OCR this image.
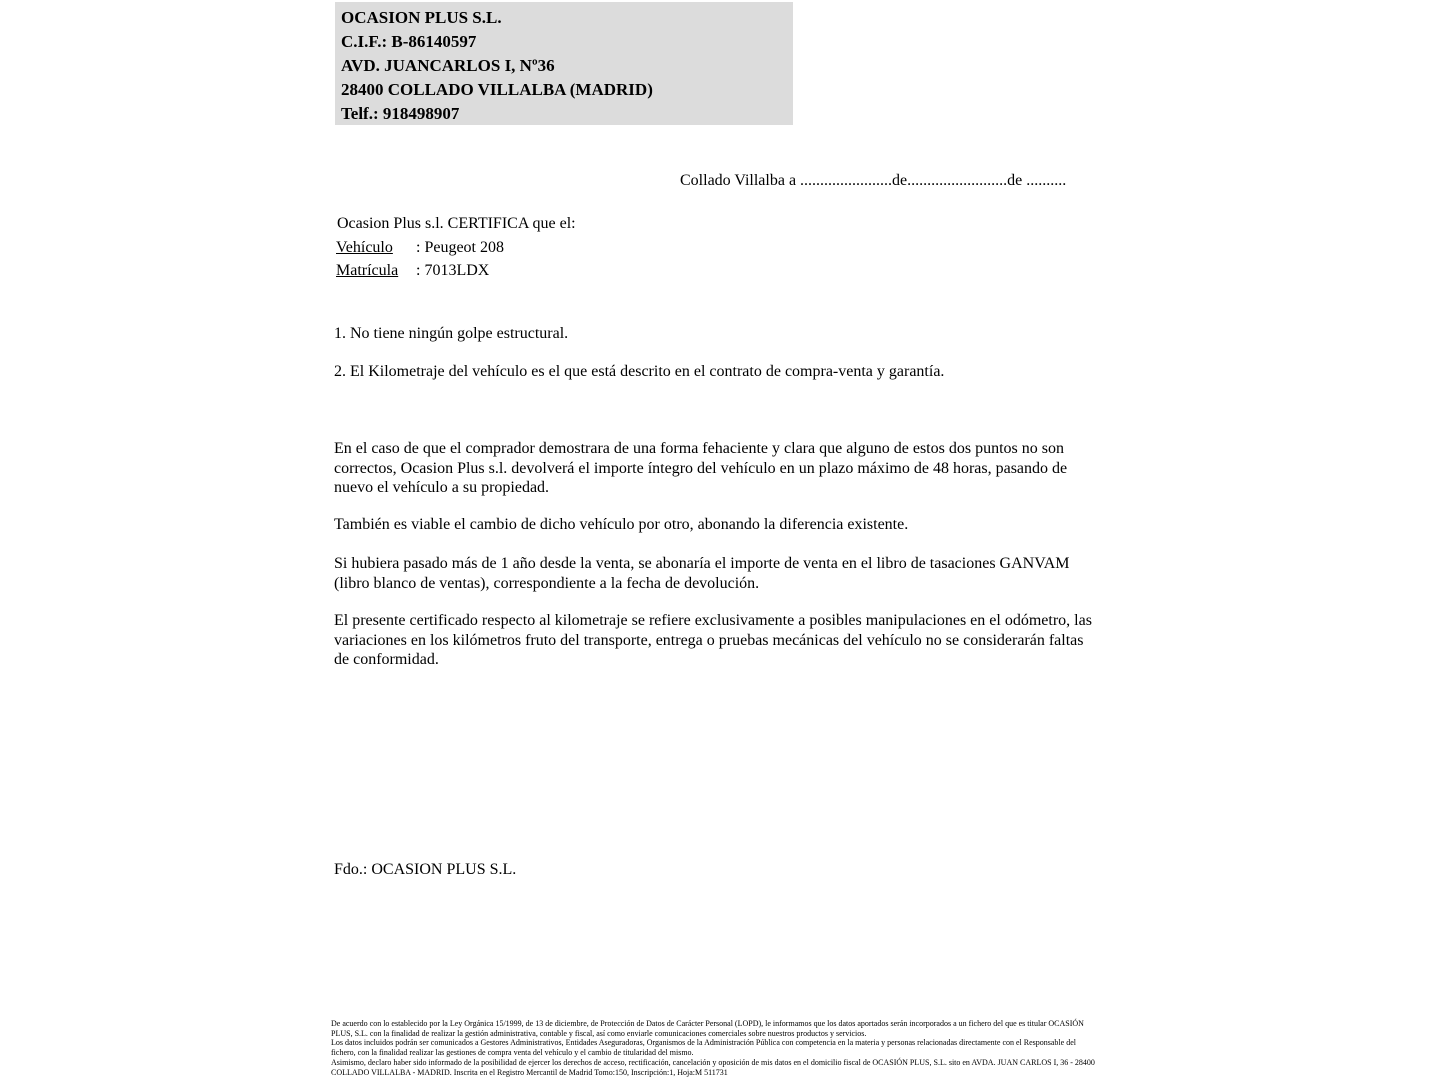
OCASION PLUS S.L.
C.I.F.: B-86140597
AVD. JUANCARLOS I, Nº36
28400 COLLADO VILLALBA (MADRID)
Telf.: 918498907
Collado Villalba a .......................de.........................de ..........
Ocasion Plus s.l. CERTIFICA que el:
Vehículo : Peugeot 208
Matrícula : 7013LDX
1. No tiene ningún golpe estructural.
2. El Kilometraje del vehículo es el que está descrito en el contrato de compra-venta y garantía.
En el caso de que el comprador demostrara de una forma fehaciente y clara que alguno de estos dos puntos no son correctos, Ocasion Plus s.l. devolverá el importe íntegro del vehículo en un plazo máximo de 48 horas, pasando de nuevo el vehículo a su propiedad.
También es viable el cambio de dicho vehículo por otro, abonando la diferencia existente.
Si hubiera pasado más de 1 año desde la venta, se abonaría el importe de venta en el libro de tasaciones GANVAM (libro blanco de ventas), correspondiente a la fecha de devolución.
El presente certificado respecto al kilometraje se refiere exclusivamente a posibles manipulaciones en el odómetro, las variaciones en los kilómetros fruto del transporte, entrega o pruebas mecánicas del vehículo no se considerarán faltas de conformidad.
Fdo.: OCASION PLUS S.L.

De acuerdo con lo establecido por la Ley Orgánica 15/1999, de 13 de diciembre, de Protección de Datos de Carácter Personal (LOPD), le informamos que los datos aportados serán incorporados a un fichero del que es titular OCASIÓN PLUS, S.L. con la finalidad de realizar la gestión administrativa, contable y fiscal, así como enviarle comunicaciones comerciales sobre nuestros productos y servicios.

Los datos incluidos podrán ser comunicados a Gestores Administrativos, Entidades Aseguradoras, Organismos de la Administración Pública con competencia en la materia y personas relacionadas directamente con el Responsable del fichero, con la finalidad realizar las gestiones de compra venta del vehículo y el cambio de titularidad del mismo.

Asimismo, declaro haber sido informado de la posibilidad de ejercer los derechos de acceso, rectificación, cancelación y oposición de mis datos en el domicilio fiscal de OCASIÓN PLUS, S.L. sito en AVDA. JUAN CARLOS I, 36 - 28400 COLLADO VILLALBA - MADRID. Inscrita en el Registro Mercantil de Madrid Tomo:150, Inscripción:1, Hoja:M 511731
